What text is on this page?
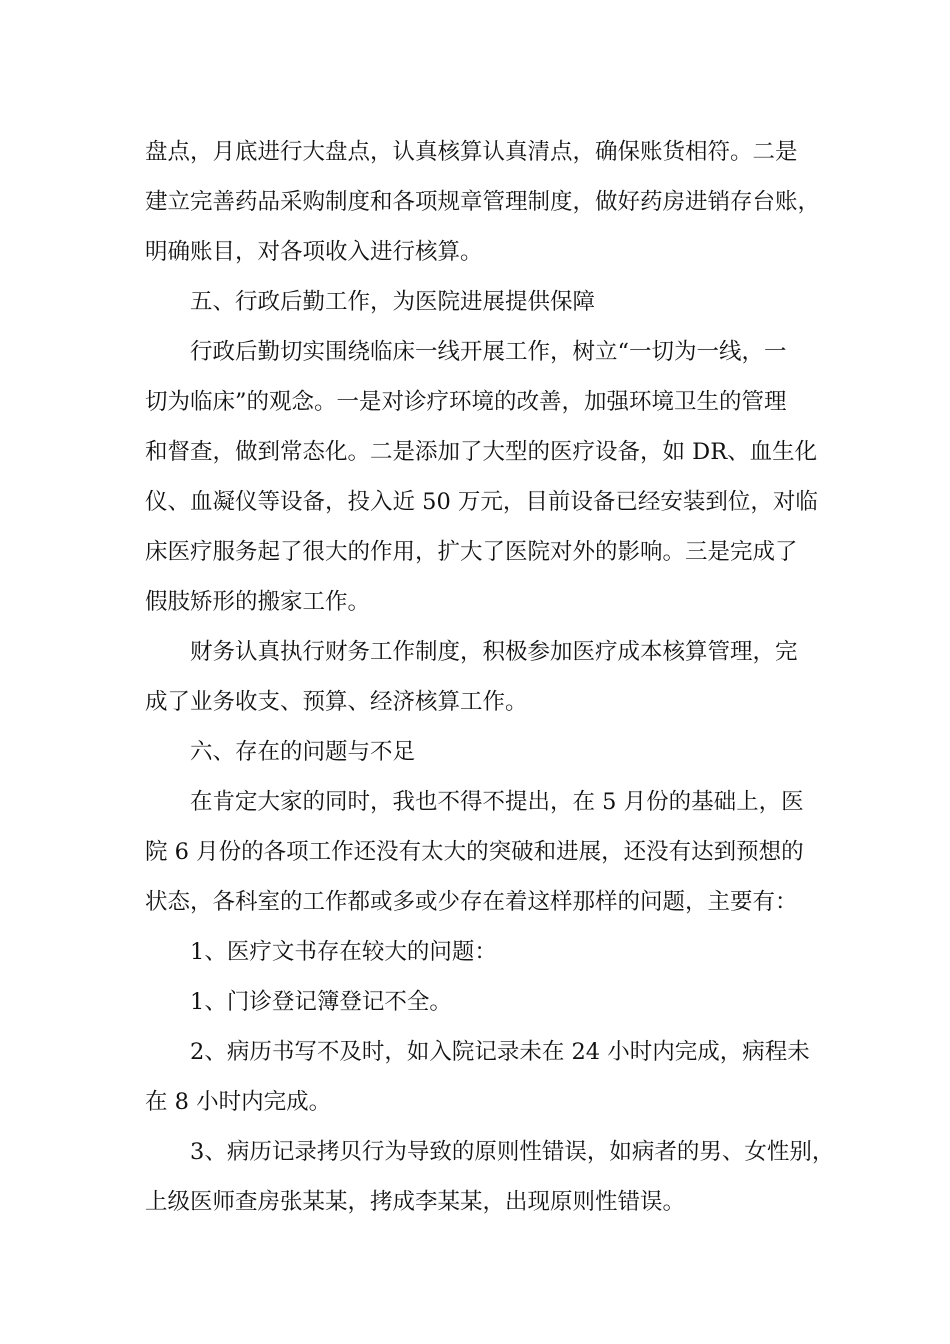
盘点，月底进行大盘点，认真核算认真清点，确保账货相符。二是
建立完善药品采购制度和各项规章管理制度，做好药房进销存台账，
明确账目，对各项收入进行核算。
五、行政后勤工作，为医院进展提供保障
行政后勤切实围绕临床一线开展工作，树立“一切为一线，一
切为临床”的观念。一是对诊疗环境的改善，加强环境卫生的管理
和督查，做到常态化。二是添加了大型的医疗设备，如 DR、血生化
仪、血凝仪等设备，投入近 50 万元，目前设备已经安装到位，对临
床医疗服务起了很大的作用，扩大了医院对外的影响。三是完成了
假肢矫形的搬家工作。
财务认真执行财务工作制度，积极参加医疗成本核算管理，完
成了业务收支、预算、经济核算工作。
六、存在的问题与不足
在肯定大家的同时，我也不得不提出，在 5 月份的基础上，医
院 6 月份的各项工作还没有太大的突破和进展，还没有达到预想的
状态，各科室的工作都或多或少存在着这样那样的问题，主要有：
1、医疗文书存在较大的问题：
1、门诊登记簿登记不全。
2、病历书写不及时，如入院记录未在 24 小时内完成，病程未
在 8 小时内完成。
3、病历记录拷贝行为导致的原则性错误，如病者的男、女性别，
上级医师查房张某某，拷成李某某，出现原则性错误。
